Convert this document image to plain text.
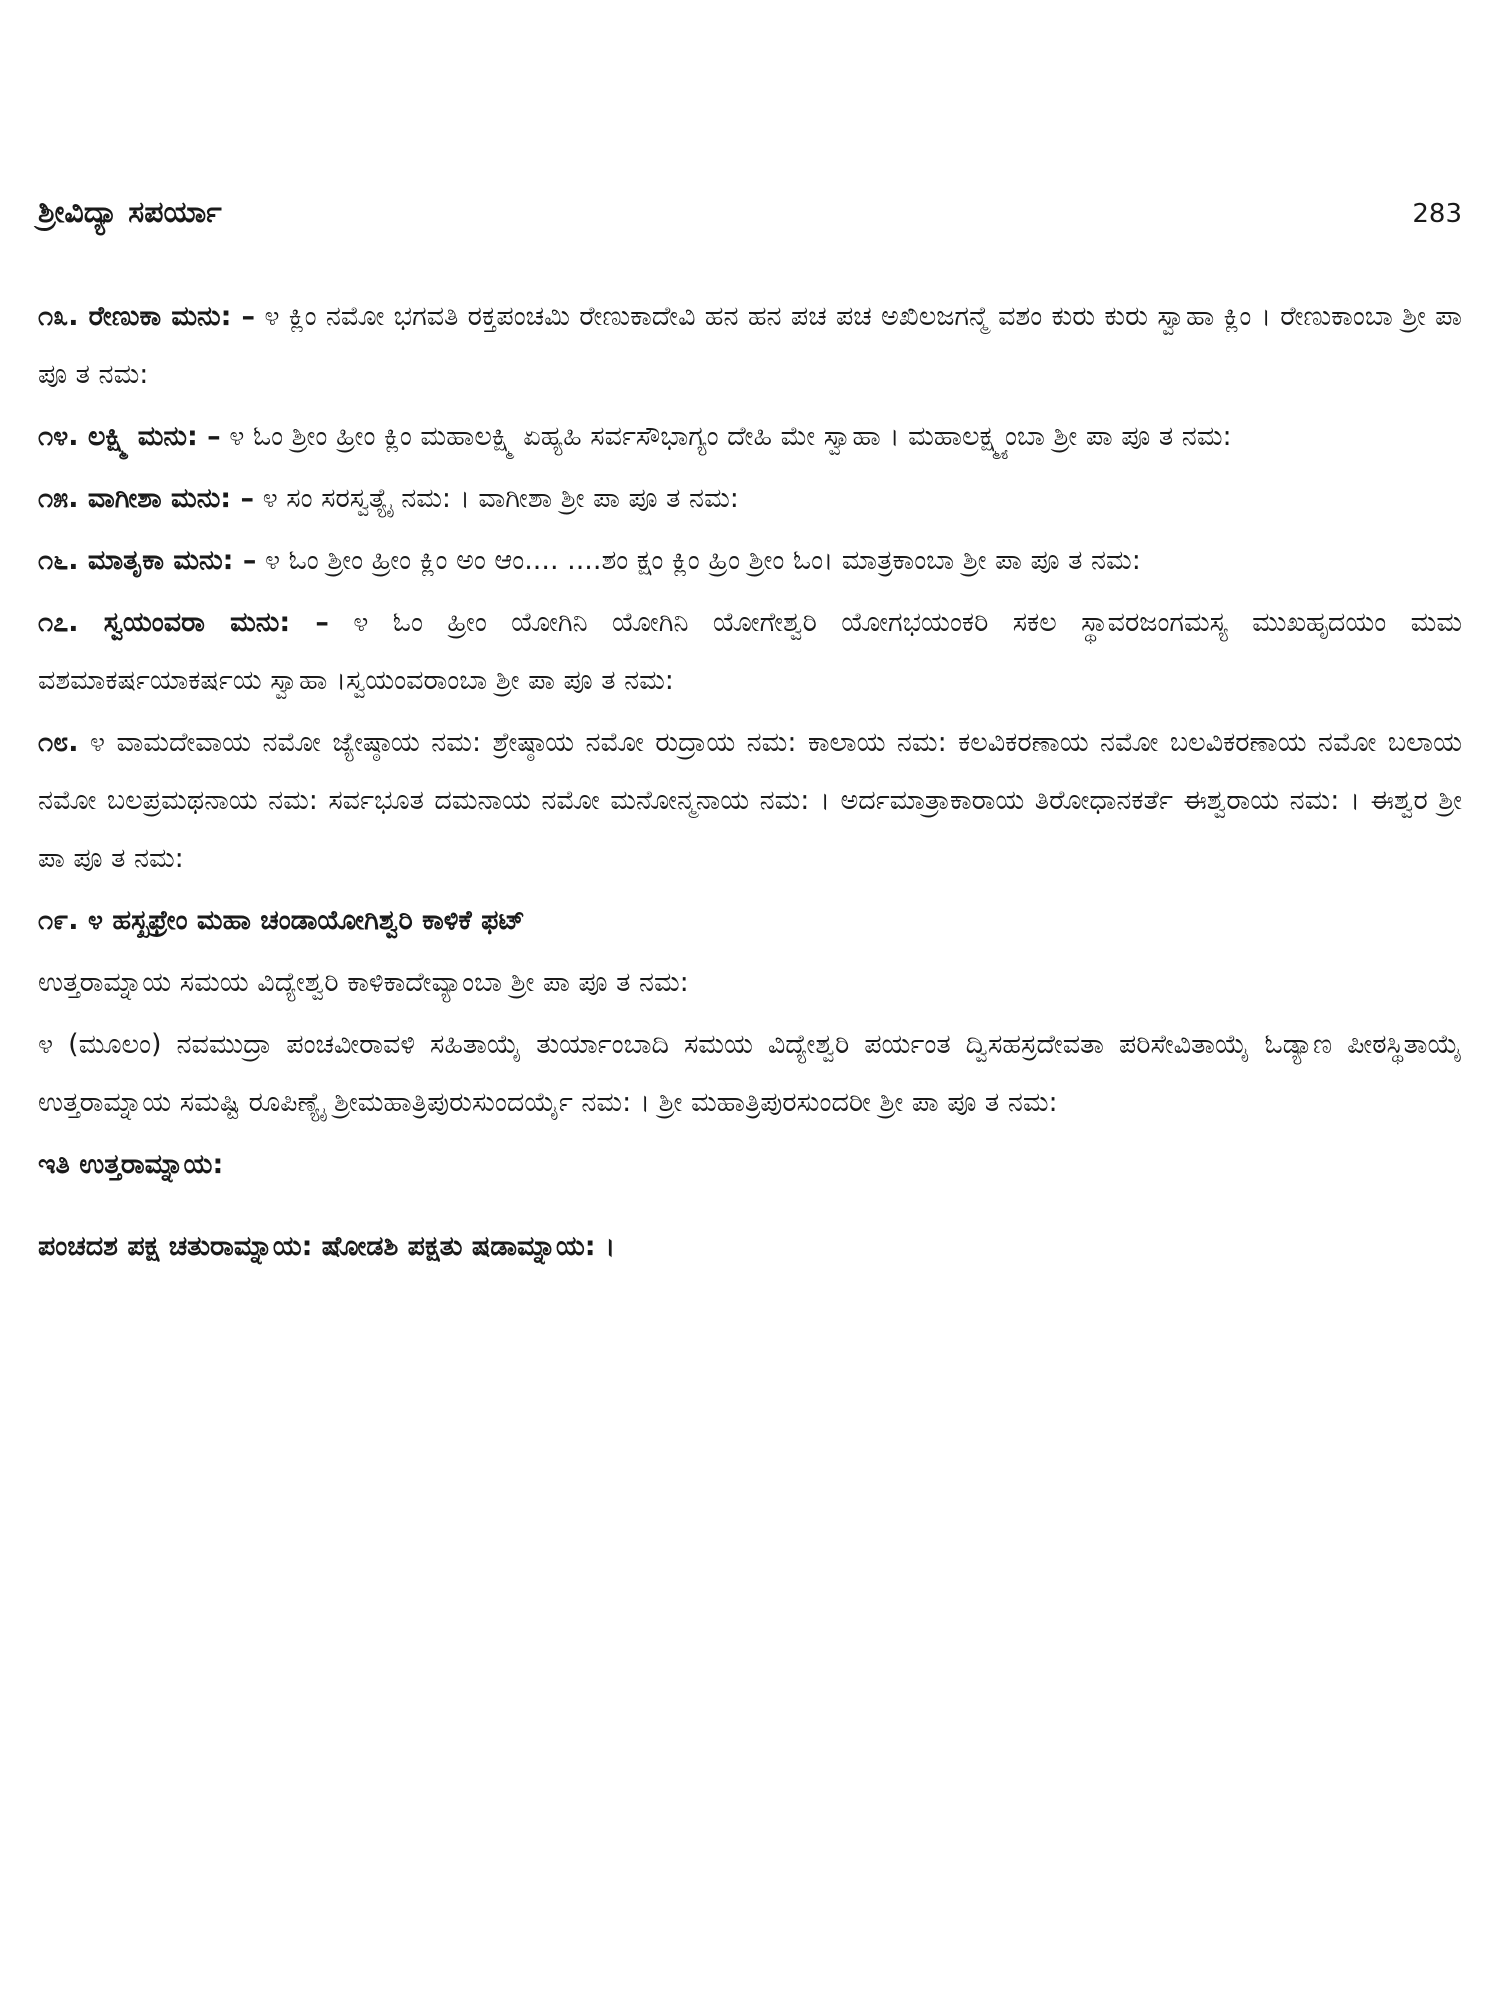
ಶ್ರೀವಿದ್ಯಾ ಸಪರ್ಯಾ	283

೧೩. ರೇಣುಕಾ ಮನು: – ೪ ಕ್ಲಿಂ ನಮೋ ಭಗವತಿ ರಕ್ತಪಂಚಮಿ ರೇಣುಕಾದೇವಿ ಹನ ಹನ ಪಚ ಪಚ ಅಖಿಲಜಗನ್ಮೆ ವಶಂ ಕುರು ಕುರು ಸ್ವಾಹಾ ಕ್ಲಿಂ । ರೇಣುಕಾಂಬಾ ಶ್ರೀ ಪಾ ಪೂ ತ ನಮ:

೧೪. ಲಕ್ಷ್ಮಿ ಮನು: – ೪ ಓಂ ಶ್ರೀಂ ಹ್ರೀಂ ಕ್ಲಿಂ ಮಹಾಲಕ್ಷ್ಮಿ ಏಹ್ಯಹಿ ಸರ್ವಸೌಭಾಗ್ಯಂ ದೇಹಿ ಮೇ ಸ್ವಾಹಾ । ಮಹಾಲಕ್ಷ್ಮ್ಯಂಬಾ ಶ್ರೀ ಪಾ ಪೂ ತ ನಮ:

೧೫. ವಾಗೀಶಾ ಮನು: – ೪ ಸಂ ಸರಸ್ವತ್ಯೈ ನಮ: । ವಾಗೀಶಾ ಶ್ರೀ ಪಾ ಪೂ ತ ನಮ:

೧೬. ಮಾತೃಕಾ ಮನು: – ೪ ಓಂ ಶ್ರೀಂ ಹ್ರೀಂ ಕ್ಲಿಂ ಅಂ ಆಂ.... ....ಶಂ ಕ್ಷಂ ಕ್ಲಿಂ ಹ್ರಿಂ ಶ್ರೀಂ ಓಂ। ಮಾತ್ರಕಾಂಬಾ ಶ್ರೀ ಪಾ ಪೂ ತ ನಮ:

೧೭. ಸ್ವಯಂವರಾ ಮನು: – ೪ ಓಂ ಹ್ರೀಂ ಯೋಗಿನಿ ಯೋಗಿನಿ ಯೋಗೇಶ್ವರಿ ಯೋಗಭಯಂಕರಿ ಸಕಲ ಸ್ಥಾವರಜಂಗಮಸ್ಯ ಮುಖಹೃದಯಂ ಮಮ ವಶಮಾಕರ್ಷಯಾಕರ್ಷಯ ಸ್ವಾಹಾ ।ಸ್ವಯಂವರಾಂಬಾ ಶ್ರೀ ಪಾ ಪೂ ತ ನಮ:

೧೮. ೪ ವಾಮದೇವಾಯ ನಮೋ ಜ್ಯೇಷ್ಠಾಯ ನಮ: ಶ್ರೇಷ್ಠಾಯ ನಮೋ ರುದ್ರಾಯ ನಮ: ಕಾಲಾಯ ನಮ: ಕಲವಿಕರಣಾಯ ನಮೋ ಬಲವಿಕರಣಾಯ ನಮೋ ಬಲಾಯ ನಮೋ ಬಲಪ್ರಮಥನಾಯ ನಮ: ಸರ್ವಭೂತ ದಮನಾಯ ನಮೋ ಮನೋನ್ಮನಾಯ ನಮ: । ಅರ್ದಮಾತ್ರಾಕಾರಾಯ ತಿರೋಧಾನಕರ್ತೆ ಈಶ್ವರಾಯ ನಮ: । ಈಶ್ವರ ಶ್ರೀ ಪಾ ಪೂ ತ ನಮ:

೧೯. ೪ ಹಸ್ಖಫ್ರೇಂ ಮಹಾ ಚಂಡಾಯೋಗಿಶ್ವರಿ ಕಾಳಿಕೆ ಫಟ್

ಉತ್ತರಾಮ್ನಾಯ ಸಮಯ ವಿದ್ಯೇಶ್ವರಿ ಕಾಳಿಕಾದೇವ್ಯಾಂಬಾ ಶ್ರೀ ಪಾ ಪೂ ತ ನಮ:

೪ (ಮೂಲಂ) ನವಮುದ್ರಾ ಪಂಚವೀರಾವಳಿ ಸಹಿತಾಯೈ ತುರ್ಯಾಂಬಾದಿ ಸಮಯ ವಿದ್ಯೇಶ್ವರಿ ಪರ್ಯಂತ ದ್ವಿಸಹಸ್ರದೇವತಾ ಪರಿಸೇವಿತಾಯೈ ಓಡ್ಯಾಣ ಪೀಠಸ್ಥಿತಾಯೈ ಉತ್ತರಾಮ್ನಾಯ ಸಮಷ್ಟಿ ರೂಪಿಣ್ಯೈ ಶ್ರೀಮಹಾತ್ರಿಪುರುಸುಂದರ್ಯೈ ನಮ: । ಶ್ರೀ ಮಹಾತ್ರಿಪುರಸುಂದರೀ ಶ್ರೀ ಪಾ ಪೂ ತ ನಮ:

ಇತಿ ಉತ್ತರಾಮ್ನಾಯ:

ಪಂಚದಶ ಪಕ್ಷ ಚತುರಾಮ್ನಾಯ: ಷೋಡಶಿ ಪಕ್ಷತು ಷಡಾಮ್ನಾಯ: ।
